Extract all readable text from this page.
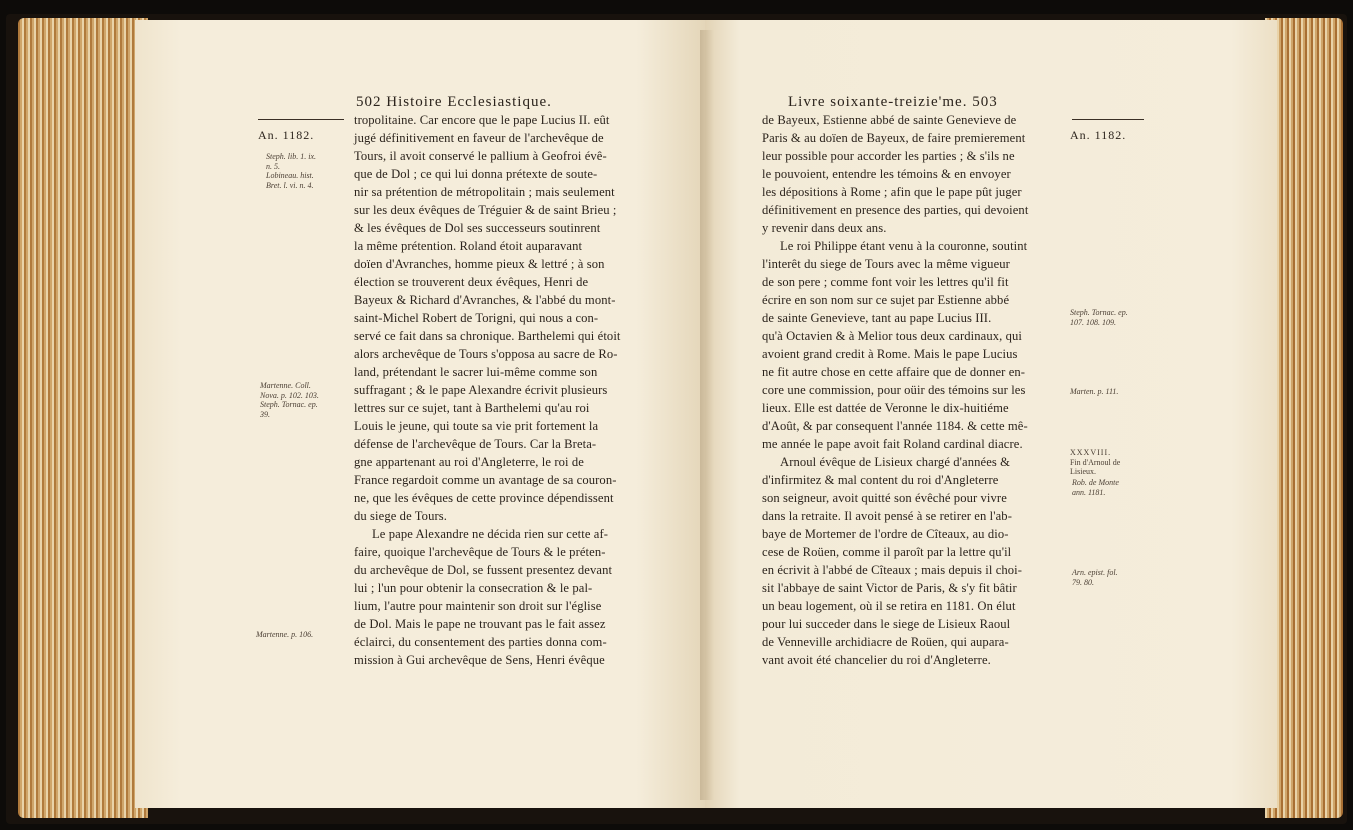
502 Histoire Ecclesiastique.
An. 1182.
Steph. lib. 1. ix.
n. 5.
Lobineau. hist.
Bret. l. vi. n. 4.
Martenne. Coll.
Nova. p. 102. 103.
Steph. Tornac. ep.
39.
Martenne. p. 106.
tropolitaine. Car encore que le pape Lucius II. eût
jugé définitivement en faveur de l'archevêque de
Tours, il avoit conservé le pallium à Geofroi évê-
que de Dol ; ce qui lui donna prétexte de soute-
nir sa prétention de métropolitain ; mais seulement
sur les deux évêques de Tréguier & de saint Brieu ;
& les évêques de Dol ses successeurs soutinrent
la même prétention. Roland étoit auparavant
doïen d'Avranches, homme pieux & lettré ; à son
élection se trouverent deux évêques, Henri de
Bayeux & Richard d'Avranches, & l'abbé du mont-
saint-Michel Robert de Torigni, qui nous a con-
servé ce fait dans sa chronique. Barthelemi qui étoit
alors archevêque de Tours s'opposa au sacre de Ro-
land, prétendant le sacrer lui-même comme son
suffragant ; & le pape Alexandre écrivit plusieurs
lettres sur ce sujet, tant à Barthelemi qu'au roi
Louis le jeune, qui toute sa vie prit fortement la
défense de l'archevêque de Tours. Car la Breta-
gne appartenant au roi d'Angleterre, le roi de
France regardoit comme un avantage de sa couron-
ne, que les évêques de cette province dépendissent
du siege de Tours.
Le pape Alexandre ne décida rien sur cette af-
faire, quoique l'archevêque de Tours & le préten-
du archevêque de Dol, se fussent presentez devant
lui ; l'un pour obtenir la consecration & le pal-
lium, l'autre pour maintenir son droit sur l'église
de Dol. Mais le pape ne trouvant pas le fait assez
éclairci, du consentement des parties donna com-
mission à Gui archevêque de Sens, Henri évêque
Livre soixante-treizie'me. 503
An. 1182.
Steph. Tornac. ep.
107. 108. 109.
Marten. p. 111.
XXXVIII.
Fin d'Arnoul de
Lisieux.
Rob. de Monte
ann. 1181.
Arn. epist. fol.
79. 80.
de Bayeux, Estienne abbé de sainte Genevieve de
Paris & au doïen de Bayeux, de faire premierement
leur possible pour accorder les parties ; & s'ils ne
le pouvoient, entendre les témoins & en envoyer
les dépositions à Rome ; afin que le pape pût juger
définitivement en presence des parties, qui devoient
y revenir dans deux ans.
Le roi Philippe étant venu à la couronne, soutint
l'interêt du siege de Tours avec la même vigueur
de son pere ; comme font voir les lettres qu'il fit
écrire en son nom sur ce sujet par Estienne abbé
de sainte Genevieve, tant au pape Lucius III.
qu'à Octavien & à Melior tous deux cardinaux, qui
avoient grand credit à Rome. Mais le pape Lucius
ne fit autre chose en cette affaire que de donner en-
core une commission, pour oüir des témoins sur les
lieux. Elle est dattée de Veronne le dix-huitiéme
d'Août, & par consequent l'année 1184. & cette mê-
me année le pape avoit fait Roland cardinal diacre.
Arnoul évêque de Lisieux chargé d'années &
d'infirmitez & mal content du roi d'Angleterre
son seigneur, avoit quitté son évêché pour vivre
dans la retraite. Il avoit pensé à se retirer en l'ab-
baye de Mortemer de l'ordre de Cîteaux, au dio-
cese de Roüen, comme il paroît par la lettre qu'il
en écrivit à l'abbé de Cîteaux ; mais depuis il choi-
sit l'abbaye de saint Victor de Paris, & s'y fit bâtir
un beau logement, où il se retira en 1181. On élut
pour lui succeder dans le siege de Lisieux Raoul
de Venneville archidiacre de Roüen, qui aupara-
vant avoit été chancelier du roi d'Angleterre.
